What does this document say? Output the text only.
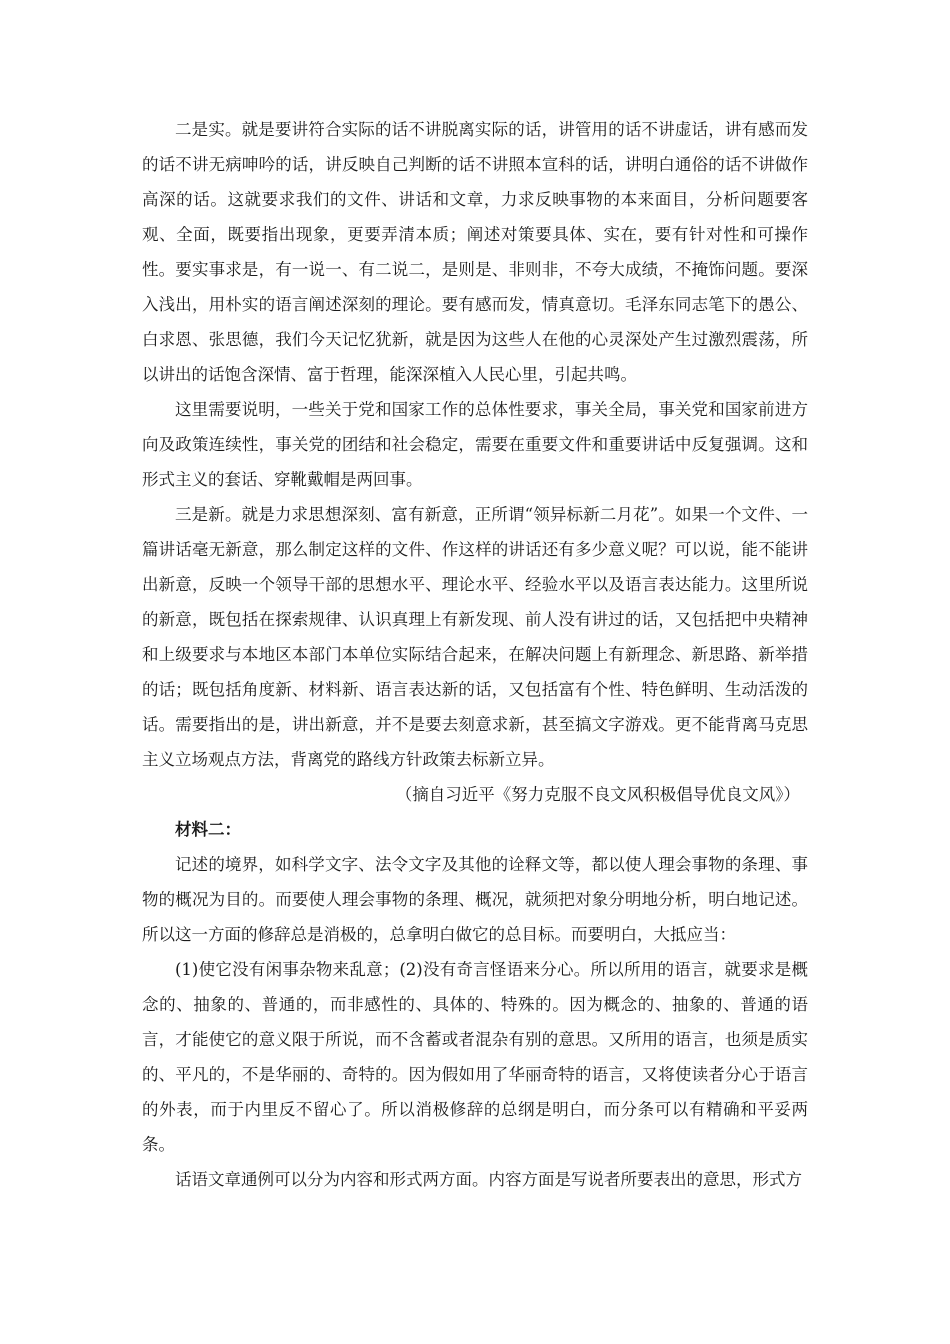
二是实。就是要讲符合实际的话不讲脱离实际的话，讲管用的话不讲虚话，讲有感而发的话不讲无病呻吟的话，讲反映自己判断的话不讲照本宣科的话，讲明白通俗的话不讲做作高深的话。这就要求我们的文件、讲话和文章，力求反映事物的本来面目，分析问题要客观、全面，既要指出现象，更要弄清本质；阐述对策要具体、实在，要有针对性和可操作性。要实事求是，有一说一、有二说二，是则是、非则非，不夸大成绩，不掩饰问题。要深入浅出，用朴实的语言阐述深刻的理论。要有感而发，情真意切。毛泽东同志笔下的愚公、白求恩、张思德，我们今天记忆犹新，就是因为这些人在他的心灵深处产生过激烈震荡，所以讲出的话饱含深情、富于哲理，能深深植入人民心里，引起共鸣。

这里需要说明，一些关于党和国家工作的总体性要求，事关全局，事关党和国家前进方向及政策连续性，事关党的团结和社会稳定，需要在重要文件和重要讲话中反复强调。这和形式主义的套话、穿靴戴帽是两回事。

三是新。就是力求思想深刻、富有新意，正所谓“领异标新二月花”。如果一个文件、一篇讲话毫无新意，那么制定这样的文件、作这样的讲话还有多少意义呢？可以说，能不能讲出新意，反映一个领导干部的思想水平、理论水平、经验水平以及语言表达能力。这里所说的新意，既包括在探索规律、认识真理上有新发现、前人没有讲过的话，又包括把中央精神和上级要求与本地区本部门本单位实际结合起来，在解决问题上有新理念、新思路、新举措的话；既包括角度新、材料新、语言表达新的话，又包括富有个性、特色鲜明、生动活泼的话。需要指出的是，讲出新意，并不是要去刻意求新，甚至搞文字游戏。更不能背离马克思主义立场观点方法，背离党的路线方针政策去标新立异。

（摘自习近平《努力克服不良文风积极倡导优良文风》）

材料二：

记述的境界，如科学文字、法令文字及其他的诠释文等，都以使人理会事物的条理、事物的概况为目的。而要使人理会事物的条理、概况，就须把对象分明地分析，明白地记述。所以这一方面的修辞总是消极的，总拿明白做它的总目标。而要明白，大抵应当：

(1)使它没有闲事杂物来乱意；(2)没有奇言怪语来分心。所以所用的语言，就要求是概念的、抽象的、普通的，而非感性的、具体的、特殊的。因为概念的、抽象的、普通的语言，才能使它的意义限于所说，而不含蓄或者混杂有别的意思。又所用的语言，也须是质实的、平凡的，不是华丽的、奇特的。因为假如用了华丽奇特的语言，又将使读者分心于语言的外表，而于内里反不留心了。所以消极修辞的总纲是明白，而分条可以有精确和平妥两条。

话语文章通例可以分为内容和形式两方面。内容方面是写说者所要表出的意思，形式方
